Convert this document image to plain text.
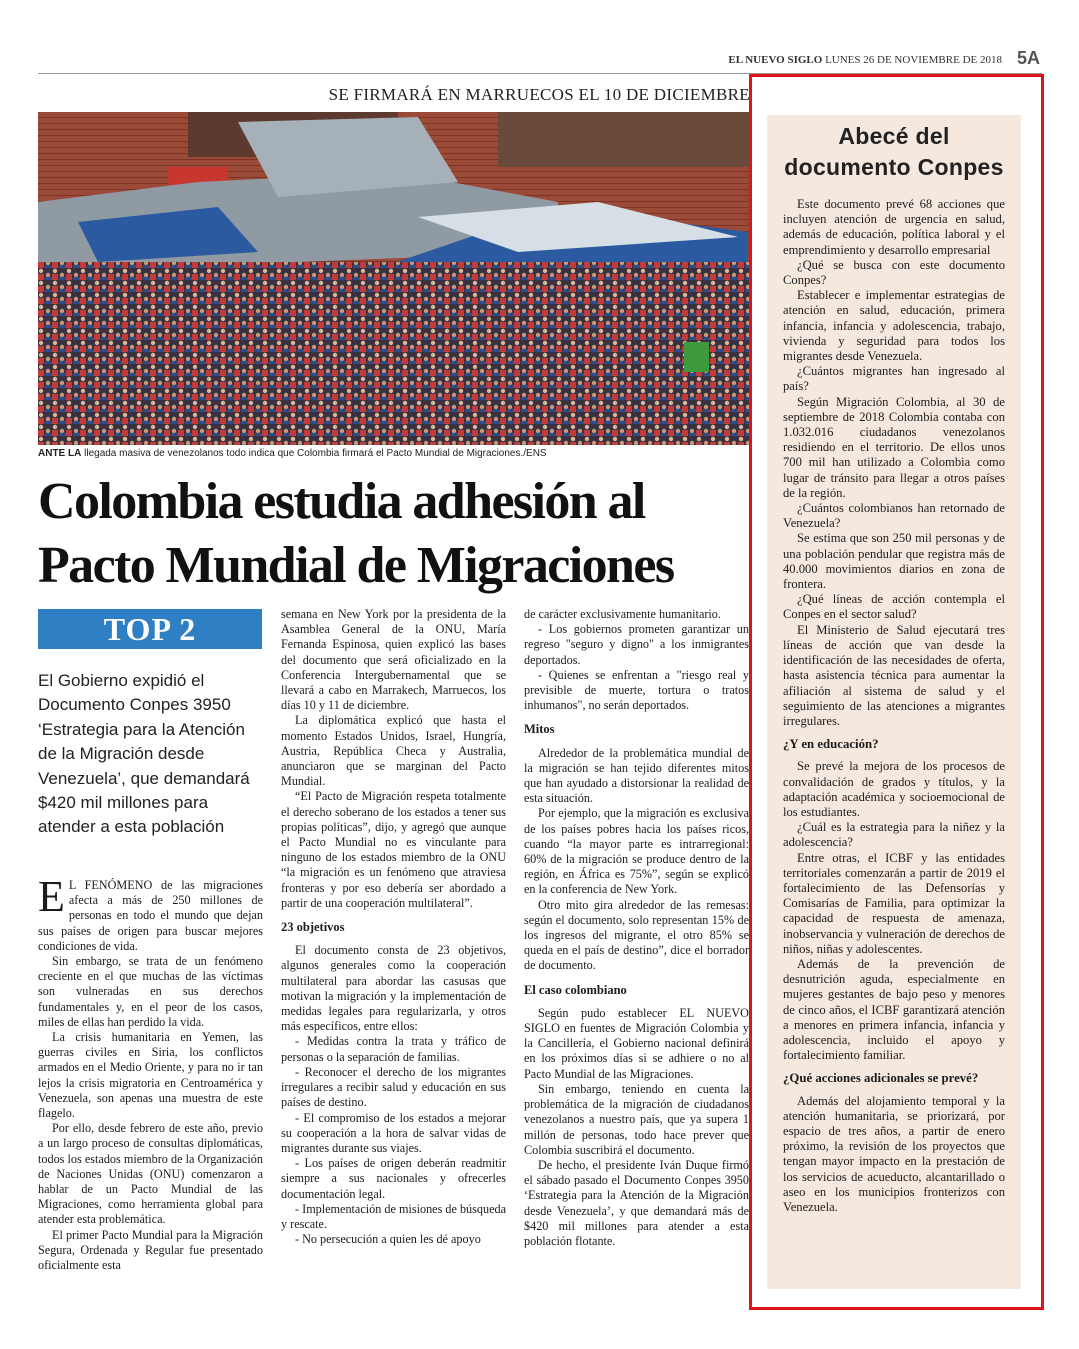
EL NUEVO SIGLO LUNES 26 DE NOVIEMBRE DE 2018 5A
SE FIRMARÁ EN MARRUECOS EL 10 DE DICIEMBRE
ANTE LA llegada masiva de venezolanos todo indica que Colombia firmará el Pacto Mundial de Migraciones./ENS
Colombia estudia adhesión al
Pacto Mundial de Migraciones
TOP 2
El Gobierno expidió el Documento Conpes 3950 ‘Estrategia para la Atención de la Migración desde Venezuela’, que demandará $420 mil millones para atender a esta población

E L FENÓMENO de las migraciones afecta a más de 250 millones de personas en todo el mundo que dejan sus países de origen para buscar mejores condiciones de vida.

Sin embargo, se trata de un fenómeno creciente en el que muchas de las víctimas son vulneradas en sus derechos fundamentales y, en el peor de los casos, miles de ellas han perdido la vida.

La crisis humanitaria en Yemen, las guerras civiles en Siria, los conflictos armados en el Medio Oriente, y para no ir tan lejos la crisis migratoria en Centroamérica y Venezuela, son apenas una muestra de este flagelo.

Por ello, desde febrero de este año, previo a un largo proceso de consultas diplomáticas, todos los estados miembro de la Organización de Naciones Unidas (ONU) comenzaron a hablar de un Pacto Mundial de las Migraciones, como herramienta global para atender esta problemática.

El primer Pacto Mundial para la Migración Segura, Ordenada y Regular fue presentado oficialmente esta

semana en New York por la presidenta de la Asamblea General de la ONU, María Fernanda Espinosa, quien explicó las bases del documento que será oficializado en la Conferencia Intergubernamental que se llevará a cabo en Marrakech, Marruecos, los días 10 y 11 de diciembre.

La diplomática explicó que hasta el momento Estados Unidos, Israel, Hungría, Austria, República Checa y Australia, anunciaron que se marginan del Pacto Mundial.

“El Pacto de Migración respeta totalmente el derecho soberano de los estados a tener sus propias políticas”, dijo, y agregó que aunque el Pacto Mundial no es vinculante para ninguno de los estados miembro de la ONU “la migración es un fenómeno que atraviesa fronteras y por eso debería ser abordado a partir de una cooperación multilateral”.

23 objetivos

El documento consta de 23 objetivos, algunos generales como la cooperación multilateral para abordar las casusas que motivan la migración y la implementación de medidas legales para regularizarla, y otros más específicos, entre ellos:

- Medidas contra la trata y tráfico de personas o la separación de familias.

- Reconocer el derecho de los migrantes irregulares a recibir salud y educación en sus países de destino.

- El compromiso de los estados a mejorar su cooperación a la hora de salvar vidas de migrantes durante sus viajes.

- Los países de origen deberán readmitir siempre a sus nacionales y ofrecerles documentación legal.

- Implementación de misiones de búsqueda y rescate.

- No persecución a quien les dé apoyo

de carácter exclusivamente humanitario.

- Los gobiernos prometen garantizar un regreso "seguro y digno" a los inmigrantes deportados.

- Quienes se enfrentan a "riesgo real y previsible de muerte, tortura o tratos inhumanos", no serán deportados.

Mitos

Alrededor de la problemática mundial de la migración se han tejido diferentes mitos que han ayudado a distorsionar la realidad de esta situación.

Por ejemplo, que la migración es exclusiva de los países pobres hacia los países ricos, cuando “la mayor parte es intrarregional: 60% de la migración se produce dentro de la región, en África es 75%”, según se explicó en la conferencia de New York.

Otro mito gira alrededor de las remesas: según el documento, solo representan 15% de los ingresos del migrante, el otro 85% se queda en el país de destino”, dice el borrador de documento.

El caso colombiano

Según pudo establecer EL NUEVO SIGLO en fuentes de Migración Colombia y la Cancillería, el Gobierno nacional definirá en los próximos días si se adhiere o no al Pacto Mundial de las Migraciones.

Sin embargo, teniendo en cuenta la problemática de la migración de ciudadanos venezolanos a nuestro país, que ya supera 1 millón de personas, todo hace prever que Colombia suscribirá el documento.

De hecho, el presidente Iván Duque firmó el sábado pasado el Documento Conpes 3950 ‘Estrategia para la Atención de la Migración desde Venezuela’, y que demandará más de $420 mil millones para atender a esta población flotante.

Abecé del
documento Conpes

Este documento prevé 68 acciones que incluyen atención de urgencia en salud, además de educación, política laboral y el emprendimiento y desarrollo empresarial

¿Qué se busca con este documento Conpes?

Establecer e implementar estrategias de atención en salud, educación, primera infancia, infancia y adolescencia, trabajo, vivienda y seguridad para todos los migrantes desde Venezuela.

¿Cuántos migrantes han ingresado al país?

Según Migración Colombia, al 30 de septiembre de 2018 Colombia contaba con 1.032.016 ciudadanos venezolanos residiendo en el territorio. De ellos unos 700 mil han utilizado a Colombia como lugar de tránsito para llegar a otros países de la región.

¿Cuántos colombianos han retornado de Venezuela?

Se estima que son 250 mil personas y de una población pendular que registra más de 40.000 movimientos diarios en zona de frontera.

¿Qué líneas de acción contempla el Conpes en el sector salud?

El Ministerio de Salud ejecutará tres líneas de acción que van desde la identificación de las necesidades de oferta, hasta asistencia técnica para aumentar la afiliación al sistema de salud y el seguimiento de las atenciones a migrantes irregulares.

¿Y en educación?

Se prevé la mejora de los procesos de convalidación de grados y títulos, y la adaptación académica y socioemocional de los estudiantes.

¿Cuál es la estrategia para la niñez y la adolescencia?

Entre otras, el ICBF y las entidades territoriales comenzarán a partir de 2019 el fortalecimiento de las Defensorías y Comisarías de Familia, para optimizar la capacidad de respuesta de amenaza, inobservancia y vulneración de derechos de niños, niñas y adolescentes.

Además de la prevención de desnutrición aguda, especialmente en mujeres gestantes de bajo peso y menores de cinco años, el ICBF garantizará atención a menores en primera infancia, infancia y adolescencia, incluido el apoyo y fortalecimiento familiar.

¿Qué acciones adicionales se prevé?

Además del alojamiento temporal y la atención humanitaria, se priorizará, por espacio de tres años, a partir de enero próximo, la revisión de los proyectos que tengan mayor impacto en la prestación de los servicios de acueducto, alcantarillado o aseo en los municipios fronterizos con Venezuela.
